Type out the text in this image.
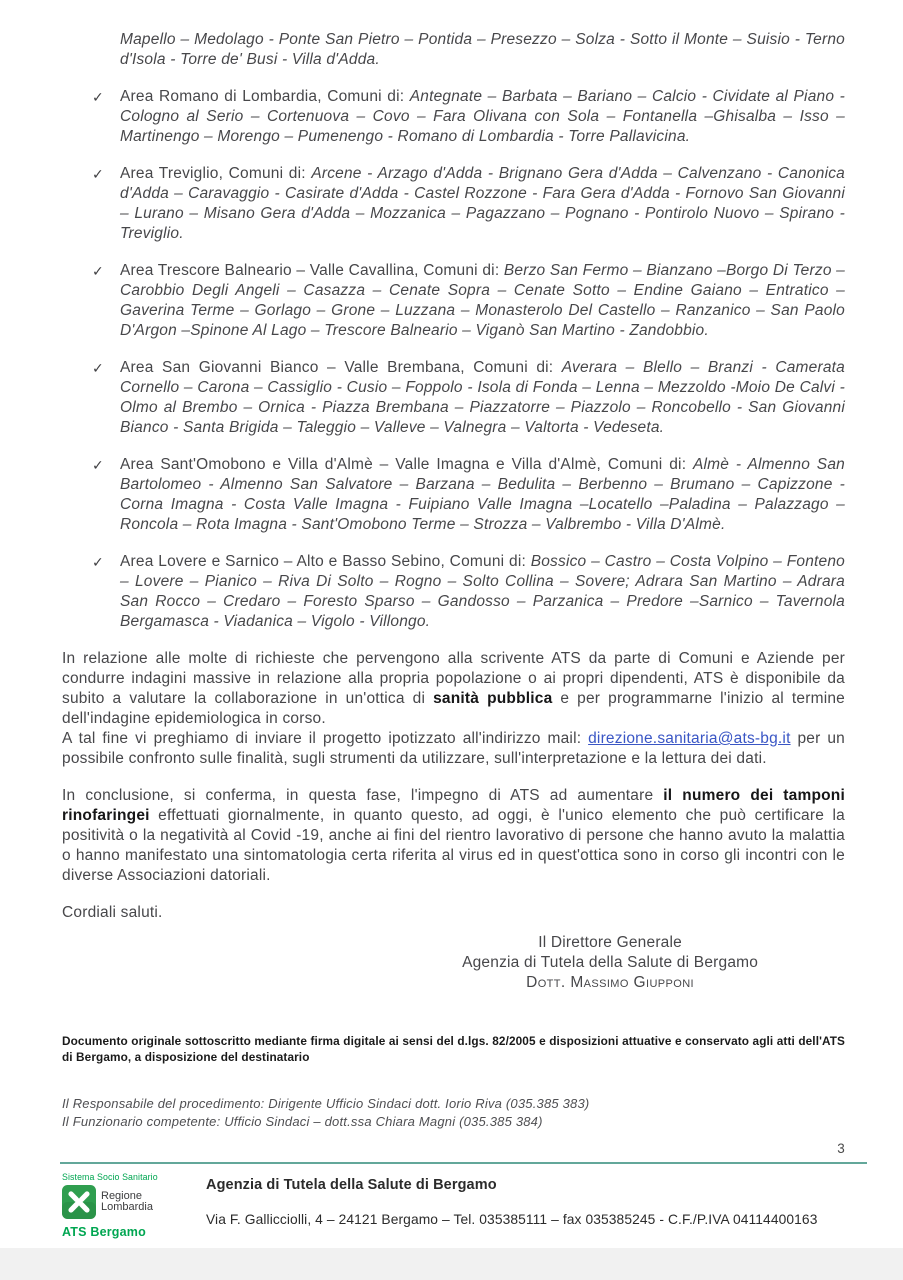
Mapello – Medolago - Ponte San Pietro – Pontida – Presezzo – Solza - Sotto il Monte – Suisio - Terno d'Isola - Torre de' Busi - Villa d'Adda.

✓	Area Romano di Lombardia, Comuni di: Antegnate – Barbata – Bariano – Calcio - Cividate al Piano - Cologno al Serio – Cortenuova – Covo – Fara Olivana con Sola – Fontanella –Ghisalba – Isso – Martinengo – Morengo – Pumenengo - Romano di Lombardia - Torre Pallavicina.

✓	Area Treviglio, Comuni di: Arcene - Arzago d'Adda - Brignano Gera d'Adda – Calvenzano - Canonica d'Adda – Caravaggio - Casirate d'Adda - Castel Rozzone - Fara Gera d'Adda - Fornovo San Giovanni – Lurano – Misano Gera d'Adda – Mozzanica – Pagazzano – Pognano - Pontirolo Nuovo – Spirano - Treviglio.

✓	Area Trescore Balneario – Valle Cavallina, Comuni di: Berzo San Fermo – Bianzano –Borgo Di Terzo – Carobbio Degli Angeli – Casazza – Cenate Sopra – Cenate Sotto – Endine Gaiano – Entratico – Gaverina Terme – Gorlago – Grone – Luzzana – Monasterolo Del Castello – Ranzanico – San Paolo D'Argon –Spinone Al Lago – Trescore Balneario – Viganò San Martino - Zandobbio.

✓	Area San Giovanni Bianco – Valle Brembana, Comuni di: Averara – Blello – Branzi - Camerata Cornello – Carona – Cassiglio - Cusio – Foppolo - Isola di Fonda – Lenna – Mezzoldo -Moio De Calvi - Olmo al Brembo – Ornica - Piazza Brembana – Piazzatorre – Piazzolo – Roncobello - San Giovanni Bianco - Santa Brigida – Taleggio – Valleve – Valnegra – Valtorta - Vedeseta.

✓	Area Sant'Omobono e Villa d'Almè – Valle Imagna e Villa d'Almè, Comuni di: Almè - Almenno San Bartolomeo - Almenno San Salvatore – Barzana – Bedulita – Berbenno – Brumano – Capizzone - Corna Imagna - Costa Valle Imagna - Fuipiano Valle Imagna –Locatello –Paladina – Palazzago – Roncola – Rota Imagna - Sant'Omobono Terme – Strozza – Valbrembo - Villa D'Almè.

✓	Area Lovere e Sarnico – Alto e Basso Sebino, Comuni di: Bossico – Castro – Costa Volpino – Fonteno – Lovere – Pianico – Riva Di Solto – Rogno – Solto Collina – Sovere; Adrara San Martino – Adrara San Rocco – Credaro – Foresto Sparso – Gandosso – Parzanica – Predore –Sarnico – Tavernola Bergamasca - Viadanica – Vigolo - Villongo.

In relazione alle molte di richieste che pervengono alla scrivente ATS da parte di Comuni e Aziende per condurre indagini massive in relazione alla propria popolazione o ai propri dipendenti, ATS è disponibile da subito a valutare la collaborazione in un'ottica di sanità pubblica e per programmarne l'inizio al termine dell'indagine epidemiologica in corso.
A tal fine vi preghiamo di inviare il progetto ipotizzato all'indirizzo mail: direzione.sanitaria@ats-bg.it per un possibile confronto sulle finalità, sugli strumenti da utilizzare, sull'interpretazione e la lettura dei dati.

In conclusione, si conferma, in questa fase, l'impegno di ATS ad aumentare il numero dei tamponi rinofaringei effettuati giornalmente, in quanto questo, ad oggi, è l'unico elemento che può certificare la positività o la negatività al Covid -19, anche ai fini del rientro lavorativo di persone che hanno avuto la malattia o hanno manifestato una sintomatologia certa riferita al virus ed in quest'ottica sono in corso gli incontri con le diverse Associazioni datoriali.

Cordiali saluti.

Il Direttore Generale

Agenzia di Tutela della Salute di Bergamo

Dott. Massimo Giupponi

Documento originale sottoscritto mediante firma digitale ai sensi del d.lgs. 82/2005 e disposizioni attuative e conservato agli atti dell'ATS di Bergamo, a disposizione del destinatario

Il Responsabile del procedimento: Dirigente Ufficio Sindaci dott. Iorio Riva (035.385 383)

Il Funzionario competente: Ufficio Sindaci – dott.ssa Chiara Magni (035.385 384)

3
Sistema Socio Sanitario
Regione
Lombardia
ATS Bergamo

Agenzia di Tutela della Salute di Bergamo

Via F. Gallicciolli, 4 – 24121 Bergamo – Tel. 035385111 – fax 035385245 - C.F./P.IVA 04114400163
